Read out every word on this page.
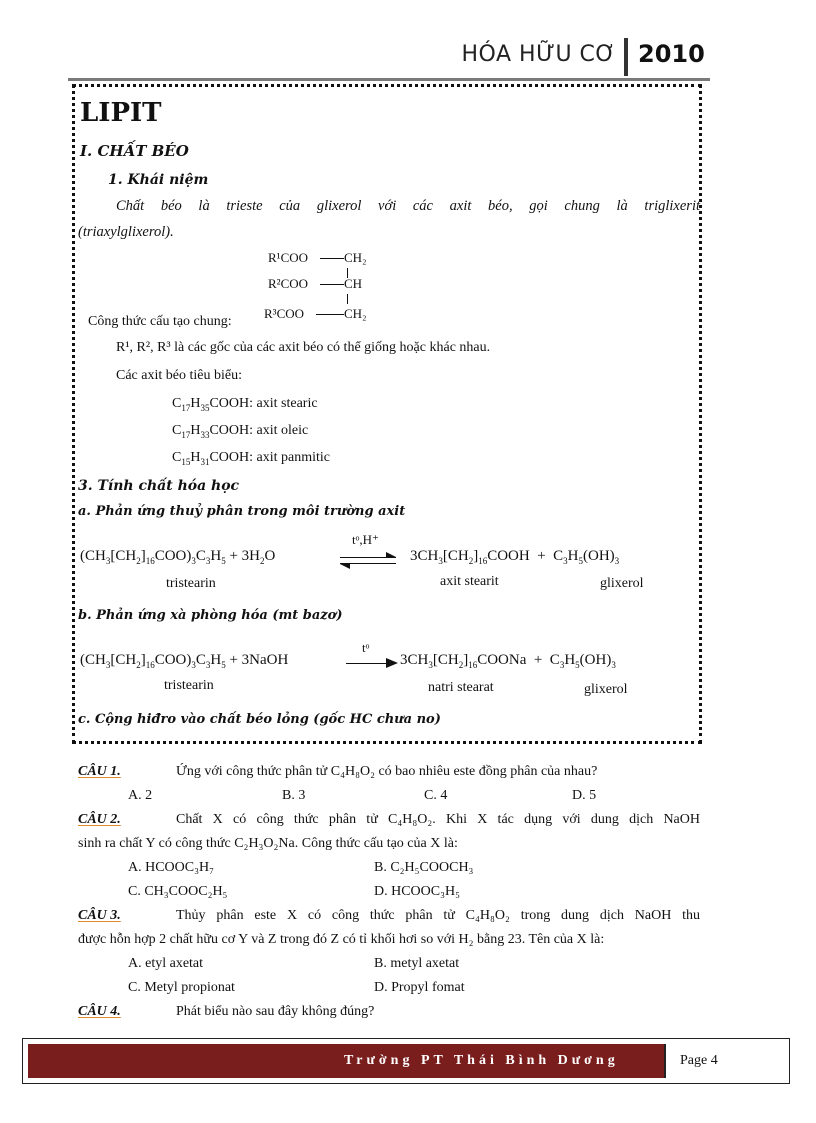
HÓA HỮU CƠ 2010
LIPIT
I. CHẤT BÉO
1. Khái niệm
Chất béo là trieste của glixerol với các axit béo, gọi chung là triglixerit
(triaxylglixerol).
R¹COO	CH₂
R²COO	CH
R³COO	CH₂
Công thức cấu tạo chung:
R¹, R², R³ là các gốc của các axit béo có thể giống hoặc khác nhau.
Các axit béo tiêu biểu:
$C_{17}H_{35}COOH$: axit stearic
$C_{17}H_{33}COOH$: axit oleic
$C_{15}H_{31}COOH$: axit panmitic
3. Tính chất hóa học
a. Phản ứng thuỷ phân trong môi trường axit
$(CH_3[CH_2]_{16}COO)_3C_3H_5 + 3H_2O$
tᵒ,H⁺
$3CH_3[CH_2]_{16}COOH + C_3H_5(OH)_3$
tristearin	axit stearit	glixerol
b. Phản ứng xà phòng hóa (mt bazơ)
$(CH_3[CH_2]_{16}COO)_3C_3H_5$ + 3NaOH
tᵒ
$3CH_3[CH_2]_{16}COONa + C_3H_5(OH)_3$
tristearin	natri stearat	glixerol
c. Cộng hiđro vào chất béo lỏng (gốc HC chưa no)
CÂU 1.	Ứng với công thức phân tử C₄H₈O₂ có bao nhiêu este đồng phân của nhau?
A. 2	B. 3	C. 4	D. 5
CÂU 2.	Chất X có công thức phân tử C₄H₈O₂. Khi X tác dụng với dung dịch NaOH
sinh ra chất Y có công thức C₂H₃O₂Na. Công thức cấu tạo của X là:
A. HCOOC₃H₇	B. C₂H₅COOCH₃
C. CH₃COOC₂H₅	D. HCOOC₃H₅
CÂU 3.	Thủy phân este X có công thức phân tử C₄H₈O₂ trong dung dịch NaOH thu
được hỗn hợp 2 chất hữu cơ Y và Z trong đó Z có tỉ khối hơi so với H₂ bằng 23. Tên của X là:
A. etyl axetat	B. metyl axetat
C. Metyl propionat	D. Propyl fomat
CÂU 4.	Phát biểu nào sau đây không đúng?
Trường PT Thái Bình Dương	Page 4
